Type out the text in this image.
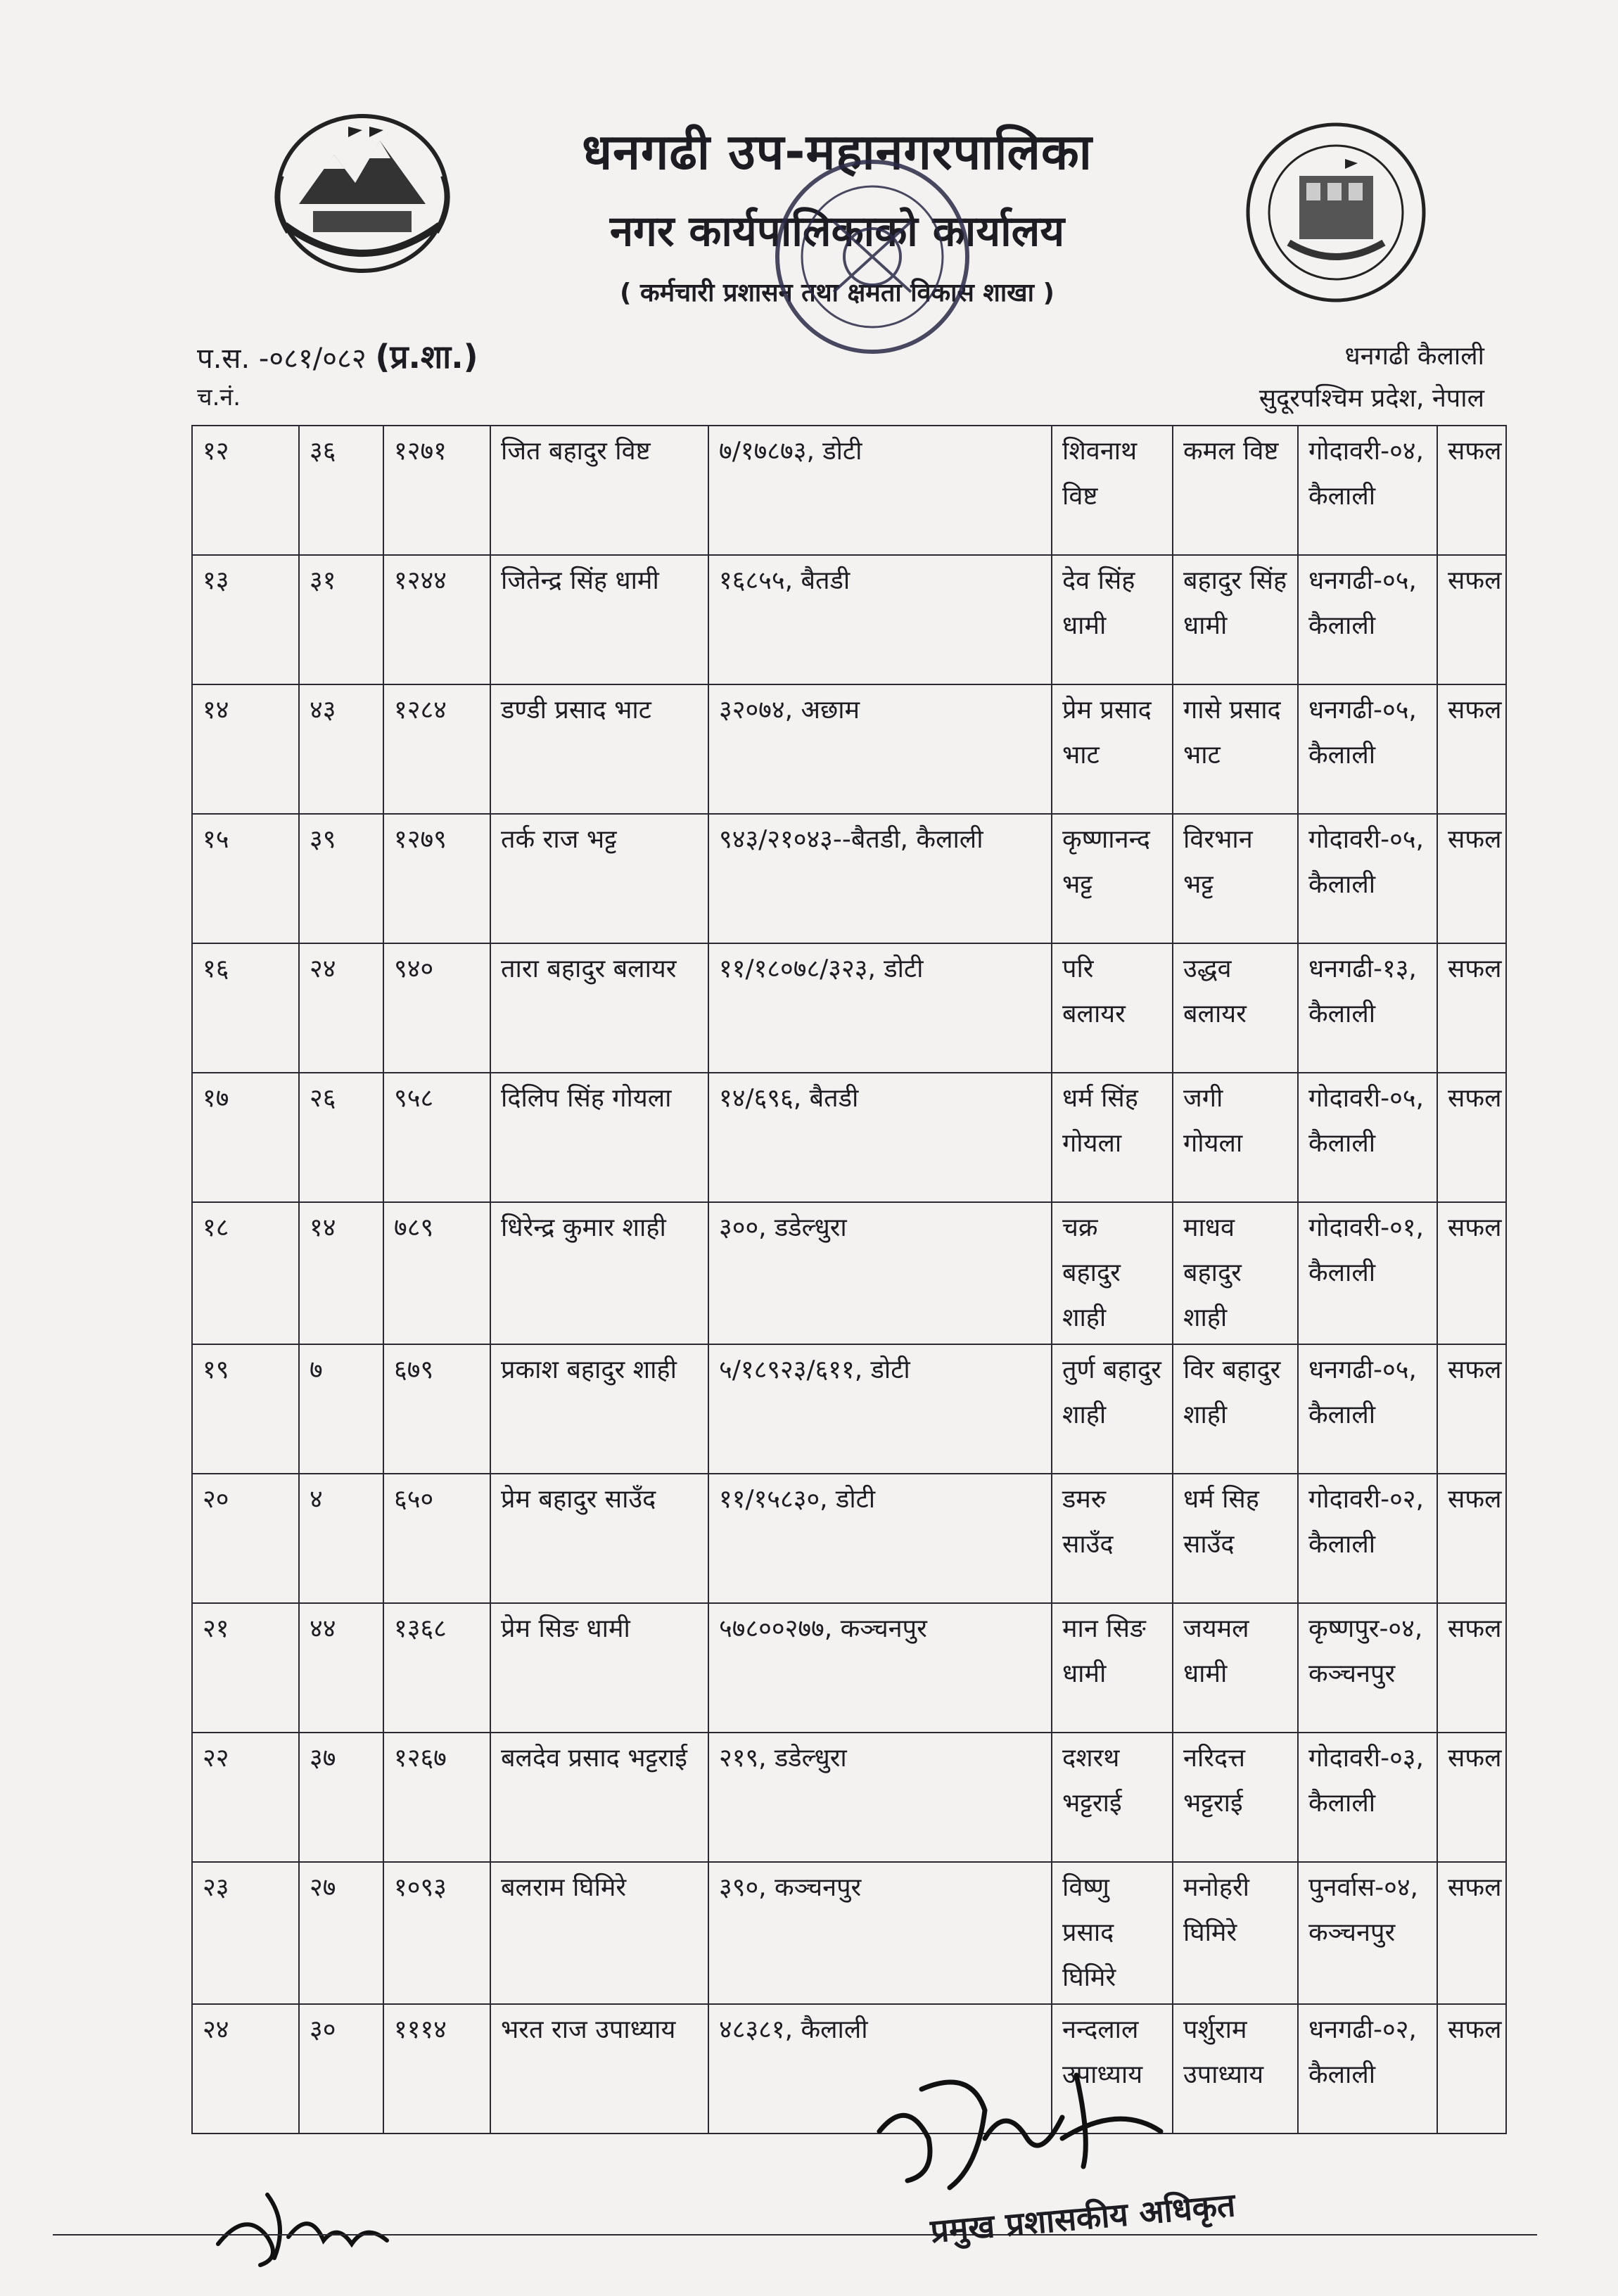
धनगढी उप-महानगरपालिका
नगर कार्यपालिकाको कार्यालय
( कर्मचारी प्रशासन तथा क्षमता विकास शाखा )
प.स. -०८१/०८२ (प्र.शा.)
च.नं.
धनगढी कैलाली
सुदूरपश्चिम प्रदेश, नेपाल
१२	३६	१२७१	जित बहादुर विष्ट	७/१७८७३, डोटी	शिवनाथ विष्ट	कमल विष्ट	गोदावरी-०४, कैलाली	सफल
१३	३१	१२४४	जितेन्द्र सिंह धामी	१६८५५, बैतडी	देव सिंह धामी	बहादुर सिंह धामी	धनगढी-०५, कैलाली	सफल
१४	४३	१२८४	डण्डी प्रसाद भाट	३२०७४, अछाम	प्रेम प्रसाद भाट	गासे प्रसाद भाट	धनगढी-०५, कैलाली	सफल
१५	३९	१२७९	तर्क राज भट्ट	९४३/२१०४३--बैतडी, कैलाली	कृष्णानन्द भट्ट	विरभान भट्ट	गोदावरी-०५, कैलाली	सफल
१६	२४	९४०	तारा बहादुर बलायर	११/१८०७८/३२३, डोटी	परि बलायर	उद्धव बलायर	धनगढी-१३, कैलाली	सफल
१७	२६	९५८	दिलिप सिंह गोयला	१४/६९६, बैतडी	धर्म सिंह गोयला	जगी गोयला	गोदावरी-०५, कैलाली	सफल
१८	१४	७८९	धिरेन्द्र कुमार शाही	३००, डडेल्धुरा	चक्र बहादुर शाही	माधव बहादुर शाही	गोदावरी-०१, कैलाली	सफल
१९	७	६७९	प्रकाश बहादुर शाही	५/१८९२३/६११, डोटी	तुर्ण बहादुर शाही	विर बहादुर शाही	धनगढी-०५, कैलाली	सफल
२०	४	६५०	प्रेम बहादुर साउँद	११/१५८३०, डोटी	डमरु साउँद	धर्म सिह साउँद	गोदावरी-०२, कैलाली	सफल
२१	४४	१३६८	प्रेम सिङ धामी	५७८००२७७, कञ्चनपुर	मान सिङ धामी	जयमल धामी	कृष्णपुर-०४, कञ्चनपुर	सफल
२२	३७	१२६७	बलदेव प्रसाद भट्टराई	२१९, डडेल्धुरा	दशरथ भट्टराई	नरिदत्त भट्टराई	गोदावरी-०३, कैलाली	सफल
२३	२७	१०९३	बलराम घिमिरे	३९०, कञ्चनपुर	विष्णु प्रसाद घिमिरे	मनोहरी घिमिरे	पुनर्वास-०४, कञ्चनपुर	सफल
२४	३०	१११४	भरत राज उपाध्याय	४८३८१, कैलाली	नन्दलाल उपाध्याय	पर्शुराम उपाध्याय	धनगढी-०२, कैलाली	सफल
प्रमुख प्रशासकीय अधिकृत
